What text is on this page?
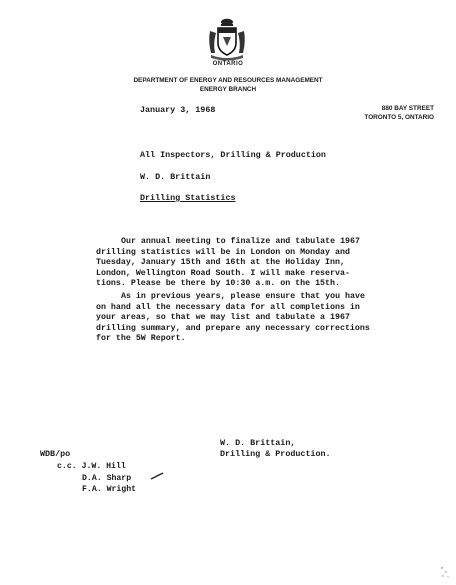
ONTARIO
DEPARTMENT OF ENERGY AND RESOURCES MANAGEMENT
ENERGY BRANCH
880 BAY STREET
TORONTO 5, ONTARIO
January 3, 1968
All Inspectors, Drilling & Production
W. D. Brittain
Drilling Statistics
Our annual meeting to finalize and tabulate 1967
drilling statistics will be in London on Monday and
Tuesday, January 15th and 16th at the Holiday Inn,
London, Wellington Road South. I will make reserva-
tions. Please be there by 10:30 a.m. on the 15th.
As in previous years, please ensure that you have
on hand all the necessary data for all completions in
your areas, so that we may list and tabulate a 1967
drilling summary, and prepare any necessary corrections
for the 5W Report.
W. D. Brittain,
Drilling & Production.
WDB/po
c.c. J.W. Hill
D.A. Sharp
F.A. Wright
